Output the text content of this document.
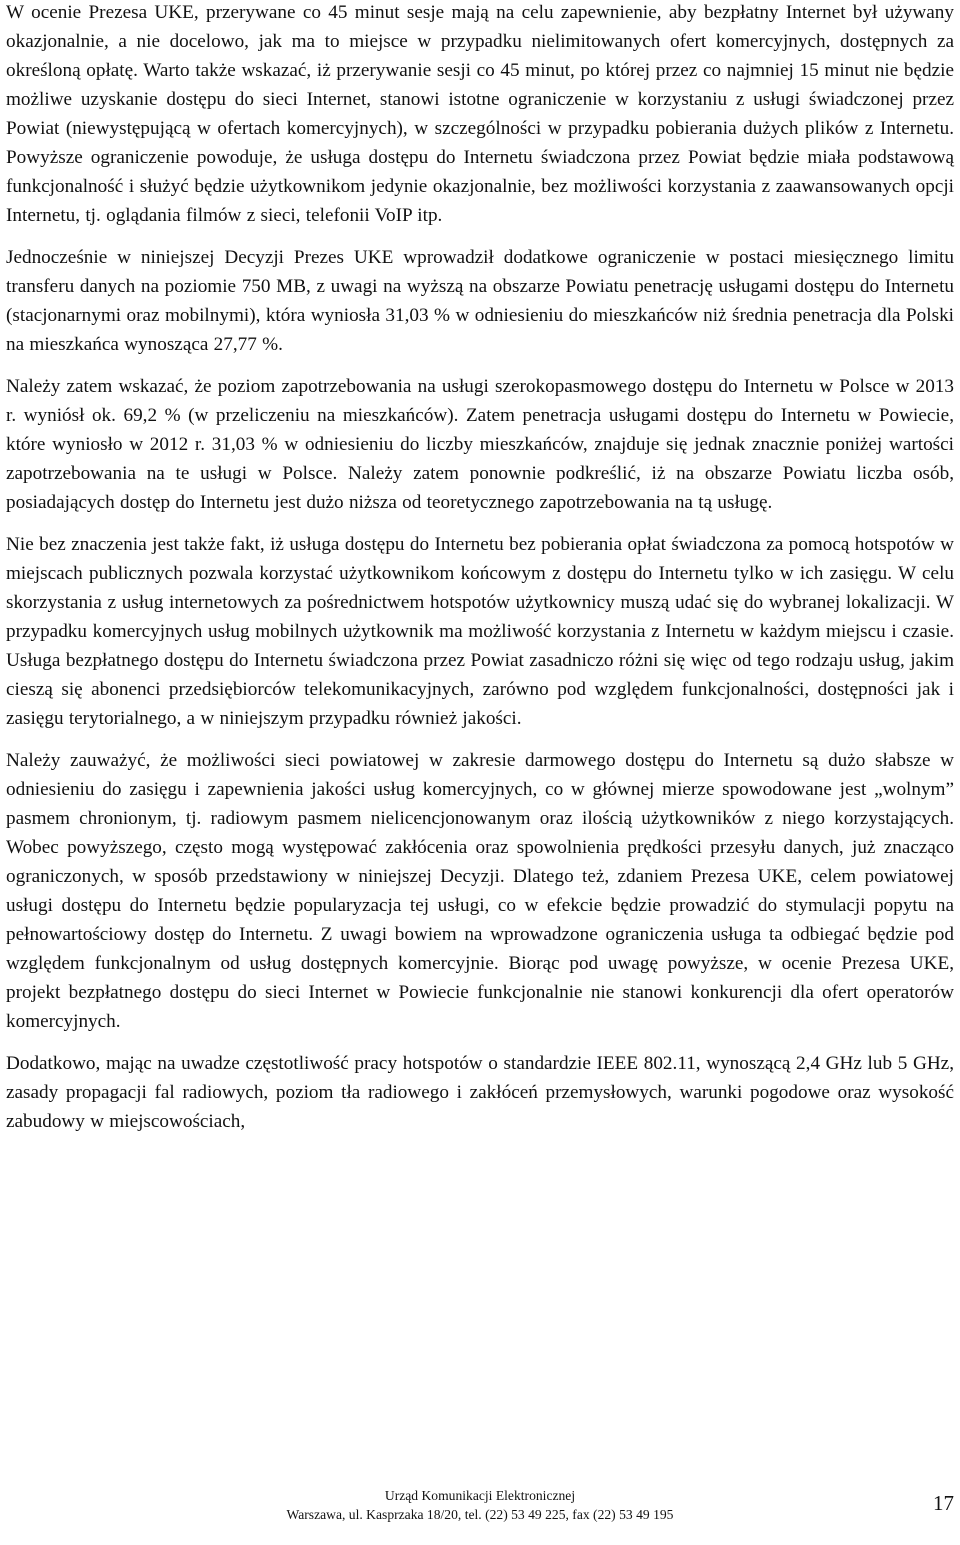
W ocenie Prezesa UKE, przerywane co 45 minut sesje mają na celu zapewnienie, aby bezpłatny Internet był używany okazjonalnie, a nie docelowo, jak ma to miejsce w przypadku nielimitowanych ofert komercyjnych, dostępnych za określoną opłatę. Warto także wskazać, iż przerywanie sesji co 45 minut, po której przez co najmniej 15 minut nie będzie możliwe uzyskanie dostępu do sieci Internet, stanowi istotne ograniczenie w korzystaniu z usługi świadczonej przez Powiat (niewystępującą w ofertach komercyjnych), w szczególności w przypadku pobierania dużych plików z Internetu. Powyższe ograniczenie powoduje, że usługa dostępu do Internetu świadczona przez Powiat będzie miała podstawową funkcjonalność i służyć będzie użytkownikom jedynie okazjonalnie, bez możliwości korzystania z zaawansowanych opcji Internetu, tj. oglądania filmów z sieci, telefonii VoIP itp.

Jednocześnie w niniejszej Decyzji Prezes UKE wprowadził dodatkowe ograniczenie w postaci miesięcznego limitu transferu danych na poziomie 750 MB, z uwagi na wyższą na obszarze Powiatu penetrację usługami dostępu do Internetu (stacjonarnymi oraz mobilnymi), która wyniosła 31,03 % w odniesieniu do mieszkańców niż średnia penetracja dla Polski na mieszkańca wynosząca 27,77 %.

Należy zatem wskazać, że poziom zapotrzebowania na usługi szerokopasmowego dostępu do Internetu w Polsce w 2013 r. wyniósł ok. 69,2 % (w przeliczeniu na mieszkańców). Zatem penetracja usługami dostępu do Internetu w Powiecie, które wyniosło w 2012 r. 31,03 % w odniesieniu do liczby mieszkańców, znajduje się jednak znacznie poniżej wartości zapotrzebowania na te usługi w Polsce. Należy zatem ponownie podkreślić, iż na obszarze Powiatu liczba osób, posiadających dostęp do Internetu jest dużo niższa od teoretycznego zapotrzebowania na tą usługę.

Nie bez znaczenia jest także fakt, iż usługa dostępu do Internetu bez pobierania opłat świadczona za pomocą hotspotów w miejscach publicznych pozwala korzystać użytkownikom końcowym z dostępu do Internetu tylko w ich zasięgu. W celu skorzystania z usług internetowych za pośrednictwem hotspotów użytkownicy muszą udać się do wybranej lokalizacji. W przypadku komercyjnych usług mobilnych użytkownik ma możliwość korzystania z Internetu w każdym miejscu i czasie. Usługa bezpłatnego dostępu do Internetu świadczona przez Powiat zasadniczo różni się więc od tego rodzaju usług, jakim cieszą się abonenci przedsiębiorców telekomunikacyjnych, zarówno pod względem funkcjonalności, dostępności jak i zasięgu terytorialnego, a w niniejszym przypadku również jakości.

Należy zauważyć, że możliwości sieci powiatowej w zakresie darmowego dostępu do Internetu są dużo słabsze w odniesieniu do zasięgu i zapewnienia jakości usług komercyjnych, co w głównej mierze spowodowane jest „wolnym” pasmem chronionym, tj. radiowym pasmem nielicencjonowanym oraz ilością użytkowników z niego korzystających. Wobec powyższego, często mogą występować zakłócenia oraz spowolnienia prędkości przesyłu danych, już znacząco ograniczonych, w sposób przedstawiony w niniejszej Decyzji. Dlatego też, zdaniem Prezesa UKE, celem powiatowej usługi dostępu do Internetu będzie popularyzacja tej usługi, co w efekcie będzie prowadzić do stymulacji popytu na pełnowartościowy dostęp do Internetu. Z uwagi bowiem na wprowadzone ograniczenia usługa ta odbiegać będzie pod względem funkcjonalnym od usług dostępnych komercyjnie. Biorąc pod uwagę powyższe, w ocenie Prezesa UKE, projekt bezpłatnego dostępu do sieci Internet w Powiecie funkcjonalnie nie stanowi konkurencji dla ofert operatorów komercyjnych.

Dodatkowo, mając na uwadze częstotliwość pracy hotspotów o standardzie IEEE 802.11, wynoszącą 2,4 GHz lub 5 GHz, zasady propagacji fal radiowych, poziom tła radiowego i zakłóceń przemysłowych, warunki pogodowe oraz wysokość zabudowy w miejscowościach,

Urząd Komunikacji Elektronicznej
Warszawa, ul. Kasprzaka 18/20, tel. (22) 53 49 225, fax (22) 53 49 195	17
